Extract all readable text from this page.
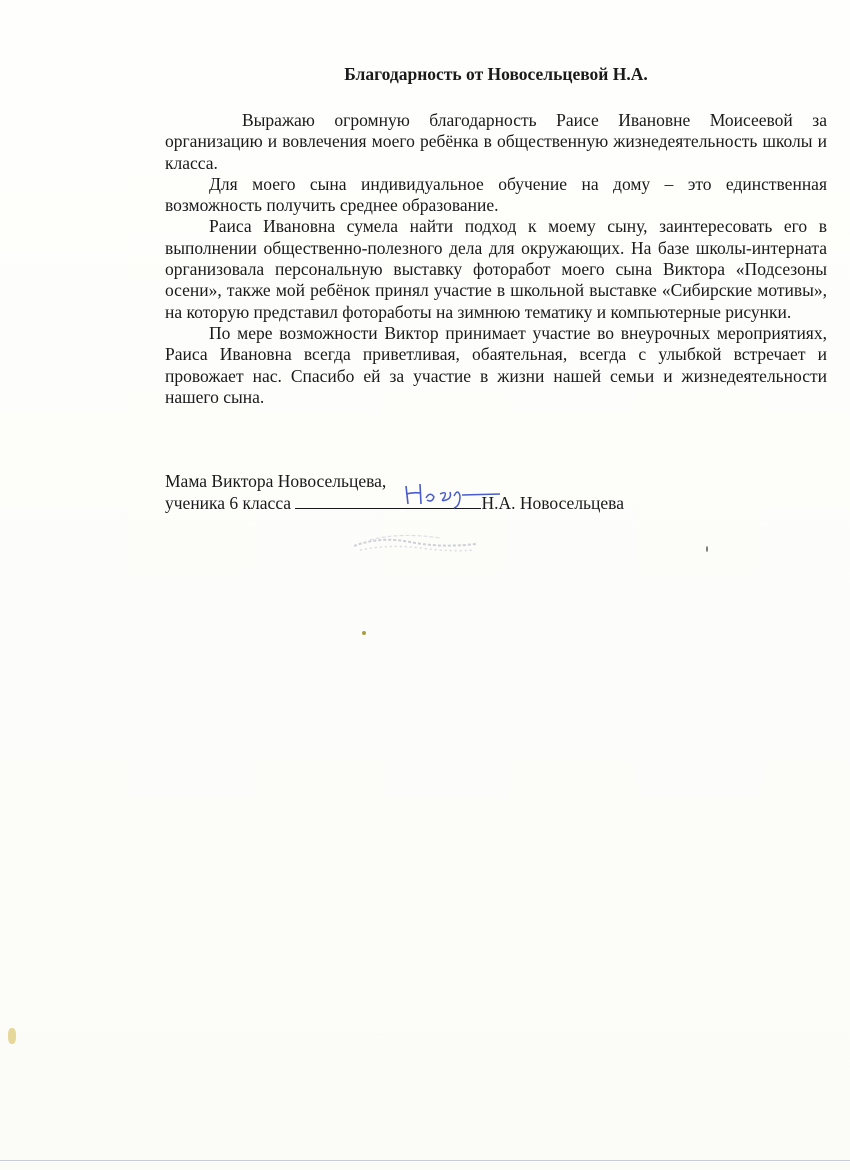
Благодарность от Новосельцевой Н.А.

Выражаю огромную благодарность Раисе Ивановне Моисеевой за организацию и вовлечения моего ребёнка в общественную жизнедеятельность школы и класса.

Для моего сына индивидуальное обучение на дому – это единственная возможность получить среднее образование.

Раиса Ивановна сумела найти подход к моему сыну, заинтересовать его в выполнении общественно-полезного дела для окружающих. На базе школы-интерната организовала персональную выставку фоторабот моего сына Виктора «Подсезоны осени», также мой ребёнок принял участие в школьной выставке «Сибирские мотивы», на которую представил фотоработы на зимнюю тематику и компьютерные рисунки.

По мере возможности Виктор принимает участие во внеурочных мероприятиях, Раиса Ивановна всегда приветливая, обаятельная, всегда с улыбкой встречает и провожает нас. Спасибо ей за участие в жизни нашей семьи и жизнедеятельности нашего сына.

Мама Виктора Новосельцева,
ученика 6 класса	Н.А. Новосельцева
